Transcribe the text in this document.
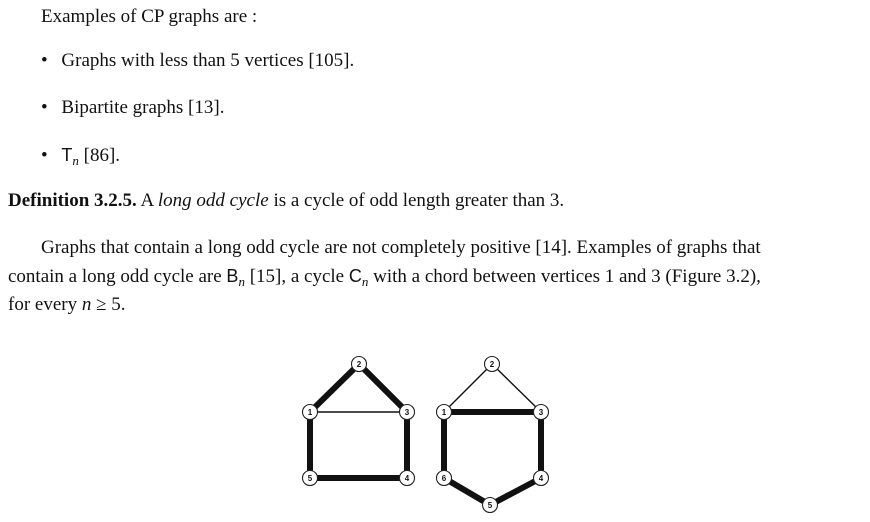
Examples of CP graphs are :
• Graphs with less than 5 vertices [105].
• Bipartite graphs [13].
• $T_n$ [86].
Definition 3.2.5. A long odd cycle is a cycle of odd length greater than 3.
Graphs that contain a long odd cycle are not completely positive [14]. Examples of graphs that
contain a long odd cycle are $B_n$ [15], a cycle $C_n$ with a chord between vertices 1 and 3 (Figure 3.2),
for every n ≥ 5.
1
2
3
4
5
1
2
3
4
5
6
